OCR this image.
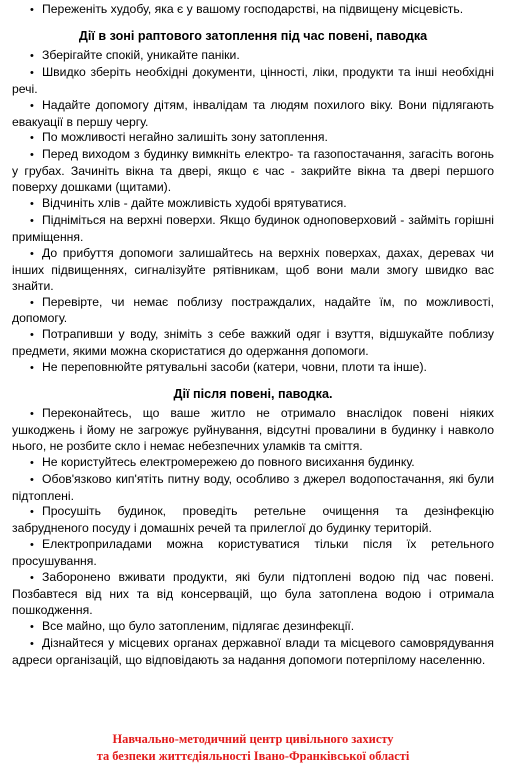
• Переженіть худобу, яка є у вашому господарстві, на підвищену місцевість.

Дії в зоні раптового затоплення під час повені, паводка

• Зберігайте спокій, уникайте паніки.

• Швидко зберіть необхідні документи, цінності, ліки, продукти та інші необхідні речі.

• Надайте допомогу дітям, інвалідам та людям похилого віку. Вони підлягають евакуації в першу чергу.

• По можливості негайно залишіть зону затоплення.

• Перед виходом з будинку вимкніть електро- та газопостачання, загасіть вогонь у грубах. Зачиніть вікна та двері, якщо є час - закрийте вікна та двері першого поверху дошками (щитами).

• Відчиніть хлів - дайте можливість худобі врятуватися.

• Підніміться на верхні поверхи. Якщо будинок одноповерховий - займіть горішні приміщення.

• До прибуття допомоги залишайтесь на верхніх поверхах, дахах, деревах чи інших підвищеннях, сигналізуйте рятівникам, щоб вони мали змогу швидко вас знайти.

• Перевірте, чи немає поблизу постраждалих, надайте їм, по можливості, допомогу.

• Потрапивши у воду, зніміть з себе важкий одяг і взуття, відшукайте поблизу предмети, якими можна скористатися до одержання допомоги.

• Не переповнюйте рятувальні засоби (катери, човни, плоти та інше).

Дії після повені, паводка.

• Переконайтесь, що ваше житло не отримало внаслідок повені ніяких ушкоджень і йому не загрожує руйнування, відсутні провалини в будинку і навколо нього, не розбите скло і немає небезпечних уламків та сміття.

• Не користуйтесь електромережею до повного висихання будинку.

• Обов'язково кип'ятіть питну воду, особливо з джерел водопостачання, які були підтоплені.

• Просушіть будинок, проведіть ретельне очищення та дезінфекцію забрудненого посуду і домашніх речей та прилеглої до будинку територій.

• Електроприладами можна користуватися тільки після їх ретельного просушування.

• Заборонено вживати продукти, які були підтоплені водою під час повені. Позбавтеся від них та від консервацій, що була затоплена водою і отримала пошкодження.

• Все майно, що було затопленим, підлягає дезинфекції.

• Дізнайтеся у місцевих органах державної влади та місцевого самоврядування адреси організацій, що відповідають за надання допомоги потерпілому населенню.

Навчально-методичний центр цивільного захисту
та безпеки життєдіяльності Івано-Франківської області
